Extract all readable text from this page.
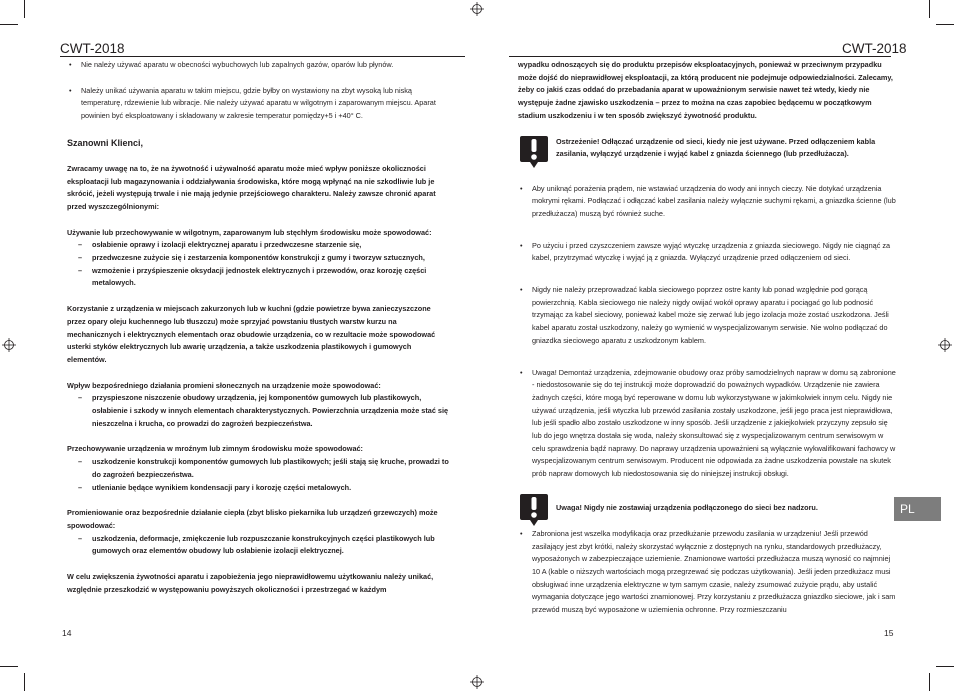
CWT-2018

• Nie należy używać aparatu w obecności wybuchowych lub zapalnych gazów, oparów lub płynów.

• Należy unikać używania aparatu w takim miejscu, gdzie byłby on wystawiony na zbyt wysoką lub niską temperaturę, rdzewienie lub wibracje. Nie należy używać aparatu w wilgotnym i zaparowanym miejscu. Aparat powinien być eksploatowany i składowany w zakresie temperatur pomiędzy+5 i +40° C.

Szanowni Klienci,

Zwracamy uwagę na to, że na żywotność i używalność aparatu może mieć wpływ poniższe okoliczności eksploatacji lub magazynowania i oddziaływania środowiska, które mogą wpłynąć na nie szkodliwie lub je skrócić, jeżeli występują trwale i nie mają jedynie przejściowego charakteru. Należy zawsze chronić aparat przed wyszczególnionymi:

Używanie lub przechowywanie w wilgotnym, zaparowanym lub stęchłym środowisku może spowodować:

– osłabienie oprawy i izolacji elektrycznej aparatu i przedwczesne starzenie się,

– przedwczesne zużycie się i zestarzenia komponentów konstrukcji z gumy i tworzyw sztucznych,

– wzmożenie i przyśpieszenie oksydacji jednostek elektrycznych i przewodów, oraz korozję części metalowych.

Korzystanie z urządzenia w miejscach zakurzonych lub w kuchni (gdzie powietrze bywa zanieczyszczone przez opary oleju kuchennego lub tłuszczu) może sprzyjać powstaniu tłustych warstw kurzu na mechanicznych i elektrycznych elementach oraz obudowie urządzenia, co w rezultacie może spowodować usterki styków elektrycznych lub awarię urządzenia, a także uszkodzenia plastikowych i gumowych elementów.

Wpływ bezpośredniego działania promieni słonecznych na urządzenie może spowodować:

– przyspieszone niszczenie obudowy urządzenia, jej komponentów gumowych lub plastikowych, osłabienie i szkody w innych elementach charakterystycznych. Powierzchnia urządzenia może stać się nieszczelna i krucha, co prowadzi do zagrożeń bezpieczeństwa.

Przechowywanie urządzenia w mroźnym lub zimnym środowisku może spowodować:

– uszkodzenie konstrukcji komponentów gumowych lub plastikowych; jeśli stają się kruche, prowadzi to do zagrożeń bezpieczeństwa.

– utlenianie będące wynikiem kondensacji pary i korozję części metalowych.

Promieniowanie oraz bezpośrednie działanie ciepła (zbyt blisko piekarnika lub urządzeń grzewczych) może spowodować:

– uszkodzenia, deformacje, zmiękczenie lub rozpuszczanie konstrukcyjnych części plastikowych lub gumowych oraz elementów obudowy lub osłabienie izolacji elektrycznej.

W celu zwiększenia żywotności aparatu i zapobieżenia jego nieprawidłowemu użytkowaniu należy unikać, względnie przeszkodzić w występowaniu powyższych okoliczności i przestrzegać w każdym

14
CWT-2018

wypadku odnoszących się do produktu przepisów eksploatacyjnych, ponieważ w przeciwnym przypadku może dojść do nieprawidłowej eksploatacji, za którą producent nie podejmuje odpowiedzialności. Zalecamy, żeby co jakiś czas oddać do przebadania aparat w upoważnionym serwisie nawet też wtedy, kiedy nie występuje żadne zjawisko uszkodzenia – przez to można na czas zapobiec będącemu w początkowym stadium uszkodzeniu i w ten sposób zwiększyć żywotność produktu.

Ostrzeżenie! Odłączać urządzenie od sieci, kiedy nie jest używane. Przed odłączeniem kabla zasilania, wyłączyć urządzenie i wyjąć kabel z gniazda ściennego (lub przedłużacza).

• Aby uniknąć porażenia prądem, nie wstawiać urządzenia do wody ani innych cieczy. Nie dotykać urządzenia mokrymi rękami. Podłączać i odłączać kabel zasilania należy wyłącznie suchymi rękami, a gniazdka ścienne (lub przedłużacza) muszą być również suche.

• Po użyciu i przed czyszczeniem zawsze wyjąć wtyczkę urządzenia z gniazda sieciowego. Nigdy nie ciągnąć za kabel, przytrzymać wtyczkę i wyjąć ją z gniazda. Wyłączyć urządzenie przed odłączeniem od sieci.

• Nigdy nie należy przeprowadzać kabla sieciowego poprzez ostre kanty lub ponad względnie pod gorącą powierzchnią. Kabla sieciowego nie należy nigdy owijać wokół oprawy aparatu i pociągać go lub podnosić trzymając za kabel sieciowy, ponieważ kabel może się zerwać lub jego izolacja może zostać uszkodzona. Jeśli kabel aparatu został uszkodzony, należy go wymienić w wyspecjalizowanym serwisie. Nie wolno podłączać do gniazdka sieciowego aparatu z uszkodzonym kablem.

• Uwaga! Demontaż urządzenia, zdejmowanie obudowy oraz próby samodzielnych napraw w domu są zabronione - niedostosowanie się do tej instrukcji może doprowadzić do poważnych wypadków. Urządzenie nie zawiera żadnych części, które mogą być reperowane w domu lub wykorzystywane w jakimkolwiek innym celu. Nigdy nie używać urządzenia, jeśli wtyczka lub przewód zasilania zostały uszkodzone, jeśli jego praca jest nieprawidłowa, lub jeśli spadło albo zostało uszkodzone w inny sposób. Jeśli urządzenie z jakiejkolwiek przyczyny zepsuło się lub do jego wnętrza dostała się woda, należy skonsultować się z wyspecjalizowanym centrum serwisowym w celu sprawdzenia bądź naprawy. Do naprawy urządzenia upoważnieni są wyłącznie wykwalifikowani fachowcy w wyspecjalizowanym centrum serwisowym. Producent nie odpowiada za żadne uszkodzenia powstałe na skutek prób napraw domowych lub niedostosowania się do niniejszej instrukcji obsługi.

Uwaga! Nigdy nie zostawiaj urządzenia podłączonego do sieci bez nadzoru.

• Zabroniona jest wszelka modyfikacja oraz przedłużanie przewodu zasilania w urządzeniu! Jeśli przewód zasilający jest zbyt krótki, należy skorzystać wyłącznie z dostępnych na rynku, standardowych przedłużaczy, wyposażonych w zabezpieczające uziemienie. Znamionowe wartości przedłużacza muszą wynosić co najmniej 10 A (kable o niższych wartościach mogą przegrzewać się podczas użytkowania). Jeśli jeden przedłużacz musi obsługiwać inne urządzenia elektryczne w tym samym czasie, należy zsumować zużycie prądu, aby ustalić wymagania dotyczące jego wartości znamionowej. Przy korzystaniu z przedłużacza gniazdko sieciowe, jak i sam przewód muszą być wyposażone w uziemienia ochronne. Przy rozmieszczaniu

15
PL
